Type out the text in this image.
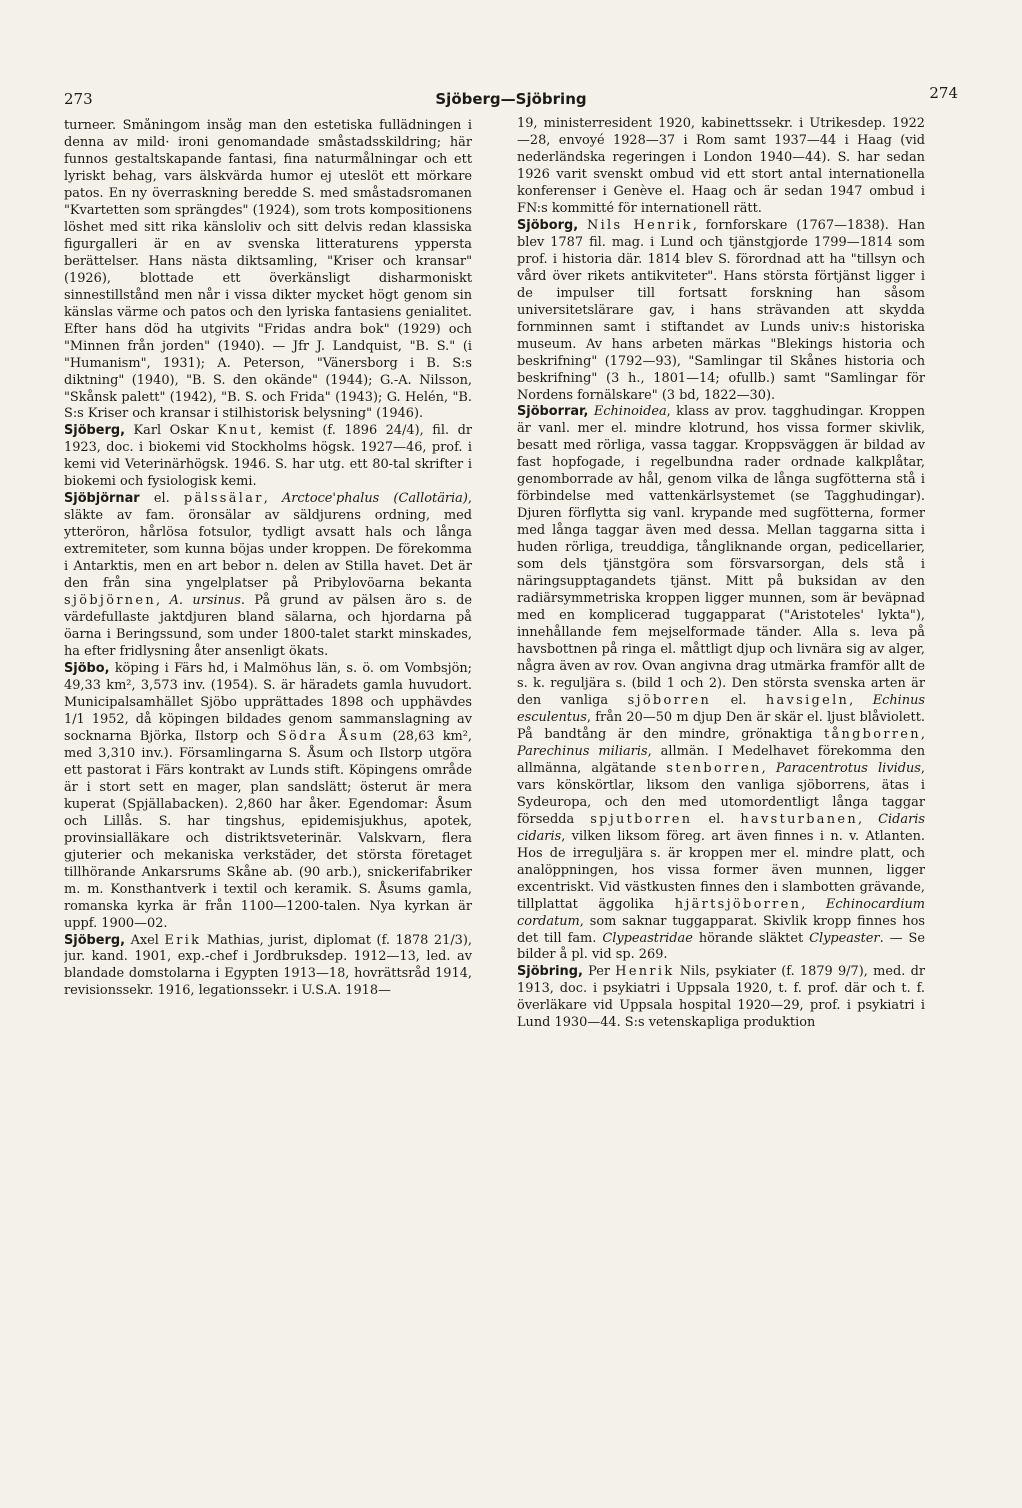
273	Sjöberg—Sjöbring	274

turneer. Småningom insåg man den estetiska fullädningen i denna av mild· ironi genomandade småstadsskildring; här funnos gestaltskapande fantasi, fina naturmålningar och ett lyriskt behag, vars älskvärda humor ej uteslöt ett mörkare patos. En ny överraskning beredde S. med småstadsromanen "Kvartetten som sprängdes" (1924), som trots kompositionens löshet med sitt rika känsloliv och sitt delvis redan klassiska figurgalleri är en av svenska litteraturens yppersta berättelser. Hans nästa diktsamling, "Kriser och kransar" (1926), blottade ett överkänsligt disharmoniskt sinnestillstånd men når i vissa dikter mycket högt genom sin känslas värme och patos och den lyriska fantasiens genialitet. Efter hans död ha utgivits "Fridas andra bok" (1929) och "Minnen från jorden" (1940). — Jfr J. Landquist, "B. S." (i "Humanism", 1931); A. Peterson, "Vänersborg i B. S:s diktning" (1940), "B. S. den okände" (1944); G.-A. Nilsson, "Skånsk palett" (1942), "B. S. och Frida" (1943); G. Helén, "B. S:s Kriser och kransar i stilhistorisk belysning" (1946).

Sjöberg, Karl Oskar Knut, kemist (f. 1896 24/4), fil. dr 1923, doc. i biokemi vid Stockholms högsk. 1927—46, prof. i kemi vid Veterinärhögsk. 1946. S. har utg. ett 80-tal skrifter i biokemi och fysiologisk kemi.

Sjöbjörnar el. pälssälar, Arctoce'phalus (Callotäria), släkte av fam. öronsälar av säldjurens ordning, med ytteröron, hårlösa fotsulor, tydligt avsatt hals och långa extremiteter, som kunna böjas under kroppen. De förekomma i Antarktis, men en art bebor n. delen av Stilla havet. Det är den från sina yngelplatser på Pribylovöarna bekanta sjöbjörnen, A. ursinus. På grund av pälsen äro s. de värdefullaste jaktdjuren bland sälarna, och hjordarna på öarna i Beringssund, som under 1800-talet starkt minskades, ha efter fridlysning åter ansenligt ökats.

Sjöbo, köping i Färs hd, i Malmöhus län, s. ö. om Vombsjön; 49,33 km², 3,573 inv. (1954). S. är häradets gamla huvudort. Municipalsamhället Sjöbo upprättades 1898 och upphävdes 1/1 1952, då köpingen bildades genom sammanslagning av socknarna Björka, Ilstorp och Södra Åsum (28,63 km², med 3,310 inv.). Församlingarna S. Åsum och Ilstorp utgöra ett pastorat i Färs kontrakt av Lunds stift. Köpingens område är i stort sett en mager, plan sandslätt; österut är mera kuperat (Spjällabacken). 2,860 har åker. Egendomar: Åsum och Lillås. S. har tingshus, epidemisjukhus, apotek, provinsialläkare och distriktsveterinär. Valskvarn, flera gjuterier och mekaniska verkstäder, det största företaget tillhörande Ankarsrums Skåne ab. (90 arb.), snickerifabriker m. m. Konsthantverk i textil och keramik. S. Åsums gamla, romanska kyrka är från 1100—1200-talen. Nya kyrkan är uppf. 1900—02.

Sjöberg, Axel Erik Mathias, jurist, diplomat (f. 1878 21/3), jur. kand. 1901, exp.-chef i Jordbruksdep. 1912—13, led. av blandade domstolarna i Egypten 1913—18, hovrättsråd 1914, revisionssekr. 1916, legationssekr. i U.S.A. 1918—

19, ministerresident 1920, kabinettssekr. i Utrikesdep. 1922—28, envoyé 1928—37 i Rom samt 1937—44 i Haag (vid nederländska regeringen i London 1940—44). S. har sedan 1926 varit svenskt ombud vid ett stort antal internationella konferenser i Genève el. Haag och är sedan 1947 ombud i FN:s kommitté för internationell rätt.

Sjöborg, Nils Henrik, fornforskare (1767—1838). Han blev 1787 fil. mag. i Lund och tjänstgjorde 1799—1814 som prof. i historia där. 1814 blev S. förordnad att ha "tillsyn och vård över rikets antikviteter". Hans största förtjänst ligger i de impulser till fortsatt forskning han såsom universitetslärare gav, i hans strävanden att skydda fornminnen samt i stiftandet av Lunds univ:s historiska museum. Av hans arbeten märkas "Blekings historia och beskrifning" (1792—93), "Samlingar til Skånes historia och beskrifning" (3 h., 1801—14; ofullb.) samt "Samlingar för Nordens fornälskare" (3 bd, 1822—30).

Sjöborrar, Echinoidea, klass av prov. tagghudingar. Kroppen är vanl. mer el. mindre klotrund, hos vissa former skivlik, besatt med rörliga, vassa taggar. Kroppsväggen är bildad av fast hopfogade, i regelbundna rader ordnade kalkplåtar, genomborrade av hål, genom vilka de långa sugfötterna stå i förbindelse med vattenkärlsystemet (se Tagghudingar). Djuren förflytta sig vanl. krypande med sugfötterna, former med långa taggar även med dessa. Mellan taggarna sitta i huden rörliga, treuddiga, tångliknande organ, pedicellarier, som dels tjänstgöra som försvarsorgan, dels stå i näringsupptagandets tjänst. Mitt på buksidan av den radiärsymmetriska kroppen ligger munnen, som är beväpnad med en komplicerad tuggapparat ("Aristoteles' lykta"), innehållande fem mejselformade tänder. Alla s. leva på havsbottnen på ringa el. måttligt djup och livnära sig av alger, några även av rov. Ovan angivna drag utmärka framför allt de s. k. reguljära s. (bild 1 och 2). Den största svenska arten är den vanliga sjöborren el. havsigeln, Echinus esculentus, från 20—50 m djup Den är skär el. ljust blåviolett. På bandtång är den mindre, grönaktiga tångborren, Parechinus miliaris, allmän. I Medelhavet förekomma den allmänna, algätande stenborren, Paracentrotus lividus, vars könskörtlar, liksom den vanliga sjöborrens, ätas i Sydeuropa, och den med utomordentligt långa taggar försedda spjutborren el. havsturbanen, Cidaris cidaris, vilken liksom föreg. art även finnes i n. v. Atlanten. Hos de irreguljära s. är kroppen mer el. mindre platt, och analöppningen, hos vissa former även munnen, ligger excentriskt. Vid västkusten finnes den i slambotten grävande, tillplattat äggolika hjärtsjöborren, Echinocardium cordatum, som saknar tuggapparat. Skivlik kropp finnes hos det till fam. Clypeastridae hörande släktet Clypeaster. — Se bilder å pl. vid sp. 269.

Sjöbring, Per Henrik Nils, psykiater (f. 1879 9/7), med. dr 1913, doc. i psykiatri i Uppsala 1920, t. f. prof. där och t. f. överläkare vid Uppsala hospital 1920—29, prof. i psykiatri i Lund 1930—44. S:s vetenskapliga produktion
